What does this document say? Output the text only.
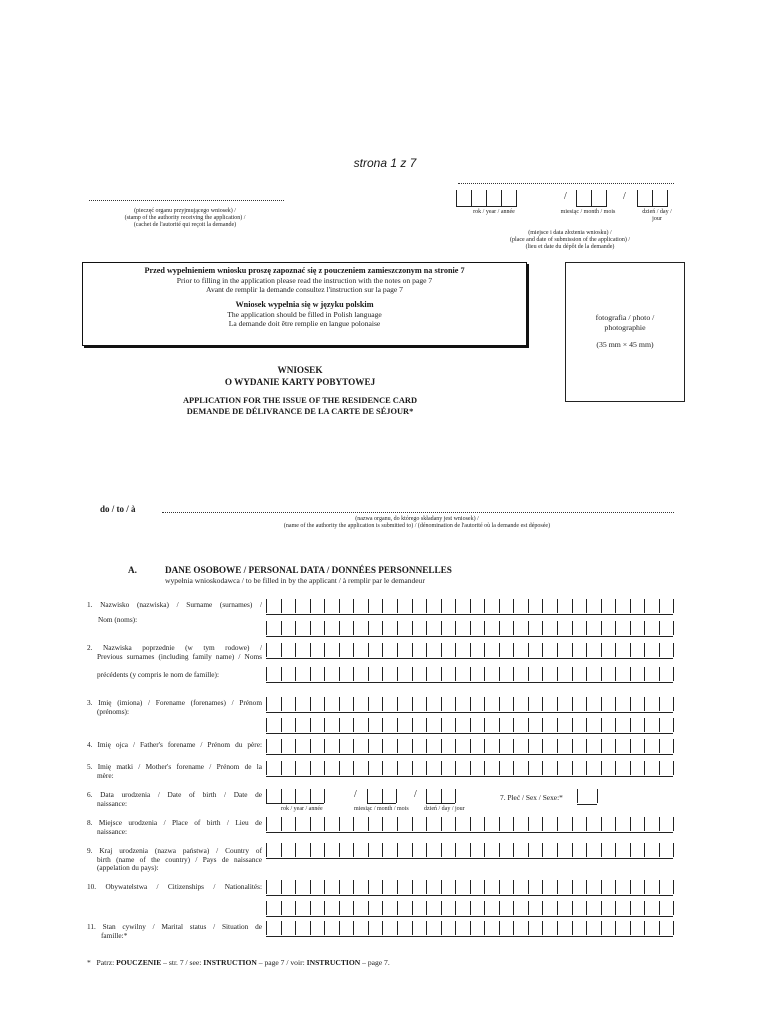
strona 1 z 7
(pieczęć organu przyjmującego wniosek) /
(stamp of the authority receiving the application) /
(cachet de l'autorité qui reçoit la demande)
/	/
rok / year / année	miesiąc / month / mois	dzień / day /
jour
(miejsce i data złożenia wniosku) /
(place and date of submission of the application) /
(lieu et date du dépôt de la demande)
Przed wypełnieniem wniosku proszę zapoznać się z pouczeniem zamieszczonym na stronie 7
Prior to filling in the application please read the instruction with the notes on page 7
Avant de remplir la demande consultez l'instruction sur la page 7
Wniosek wypełnia się w języku polskim
The application should be filled in Polish language
La demande doit être remplie en langue polonaise
fotografia / photo /
photographie
(35 mm × 45 mm)
WNIOSEK
O WYDANIE KARTY POBYTOWEJ
APPLICATION FOR THE ISSUE OF THE RESIDENCE CARD
DEMANDE DE DÉLIVRANCE DE LA CARTE DE SÉJOUR*
do / to / à
(nazwa organu, do którego składany jest wniosek) /
(name of the authority the application is submitted to) / (dénomination de l'autorité où la demande est déposée)
A.	DANE OSOBOWE / PERSONAL DATA / DONNÉES PERSONNELLES
wypełnia wnioskodawca / to be filled in by the applicant / à remplir par le demandeur
1. Nazwisko (nazwiska) / Surname (surnames) /
Nom (noms):
2. Nazwiska poprzednie (w tym rodowe) /
Previous surnames (including family name) / Noms
précédents (y compris le nom de famille):
3. Imię (imiona) / Forename (forenames) / Prénom
(prénoms):
4. Imię ojca / Father's forename / Prénom du père:
5. Imię matki / Mother's forename / Prénom de la
mère:
6. Data urodzenia / Date of birth / Date de
naissance:
rok / year / année	miesiąc / month / mois	dzień / day / jour
7. Płeć / Sex / Sexe:*
8. Miejsce urodzenia / Place of birth / Lieu de
naissance:
9. Kraj urodzenia (nazwa państwa) / Country of
birth (name of the country) / Pays de naissance
(appelation du pays):
10. Obywatelstwa / Citizenships / Nationalités:
11. Stan cywilny / Marital status / Situation de
famille:*
/	/
* Patrz: POUCZENIE – str. 7 / see: INSTRUCTION – page 7 / voir: INSTRUCTION – page 7.
